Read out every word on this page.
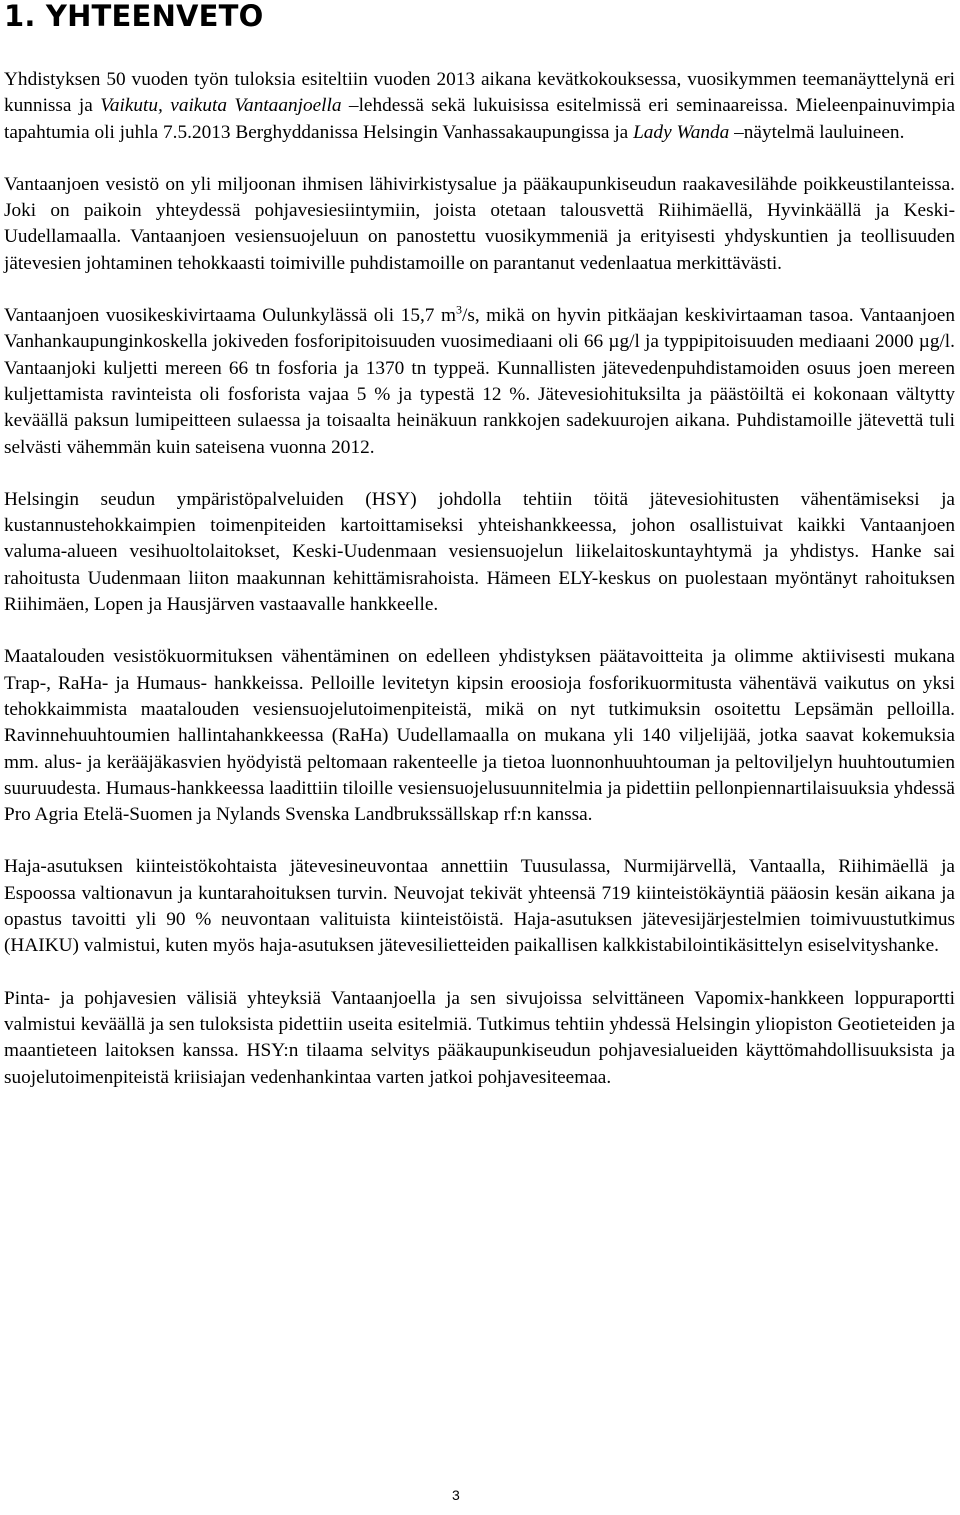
1. YHTEENVETO

Yhdistyksen 50 vuoden työn tuloksia esiteltiin vuoden 2013 aikana kevätkokouksessa, vuosikymmen teemanäyttelynä eri kunnissa ja Vaikutu, vaikuta Vantaanjoella –lehdessä sekä lukuisissa esitelmissä eri seminaareissa. Mieleenpainuvimpia tapahtumia oli juhla 7.5.2013 Berghyddanissa Helsingin Vanhassakaupungissa ja Lady Wanda –näytelmä lauluineen.

Vantaanjoen vesistö on yli miljoonan ihmisen lähivirkistysalue ja pääkaupunkiseudun raakavesilähde poikkeustilanteissa. Joki on paikoin yhteydessä pohjavesiesiintymiin, joista otetaan talousvettä Riihimäellä, Hyvinkäällä ja Keski-Uudellamaalla. Vantaanjoen vesiensuojeluun on panostettu vuosikymmeniä ja erityisesti yhdyskuntien ja teollisuuden jätevesien johtaminen tehokkaasti toimiville puhdistamoille on parantanut vedenlaatua merkittävästi.

Vantaanjoen vuosikeskivirtaama Oulunkylässä oli 15,7 $m^3/s$, mikä on hyvin pitkäajan keskivirtaaman tasoa. Vantaanjoen Vanhankaupunginkoskella jokiveden fosforipitoisuuden vuosimediaani oli 66 µg/l ja typpipitoisuuden mediaani 2000 µg/l. Vantaanjoki kuljetti mereen 66 tn fosforia ja 1370 tn typpeä. Kunnallisten jätevedenpuhdistamoiden osuus joen mereen kuljettamista ravinteista oli fosforista vajaa 5 % ja typestä 12 %. Jätevesiohituksilta ja päästöiltä ei kokonaan vältytty keväällä paksun lumipeitteen sulaessa ja toisaalta heinäkuun rankkojen sadekuurojen aikana. Puhdistamoille jätevettä tuli selvästi vähemmän kuin sateisena vuonna 2012.

Helsingin seudun ympäristöpalveluiden (HSY) johdolla tehtiin töitä jätevesiohitusten vähentämiseksi ja kustannustehokkaimpien toimenpiteiden kartoittamiseksi yhteishankkeessa, johon osallistuivat kaikki Vantaanjoen valuma-alueen vesihuoltolaitokset, Keski-Uudenmaan vesiensuojelun liikelaitoskuntayhtymä ja yhdistys. Hanke sai rahoitusta Uudenmaan liiton maakunnan kehittämisrahoista. Hämeen ELY-keskus on puolestaan myöntänyt rahoituksen Riihimäen, Lopen ja Hausjärven vastaavalle hankkeelle.

Maatalouden vesistökuormituksen vähentäminen on edelleen yhdistyksen päätavoitteita ja olimme aktiivisesti mukana Trap-, RaHa- ja Humaus- hankkeissa. Pelloille levitetyn kipsin eroosioja fosforikuormitusta vähentävä vaikutus on yksi tehokkaimmista maatalouden vesiensuojelutoimenpiteistä, mikä on nyt tutkimuksin osoitettu Lepsämän pelloilla. Ravinnehuuhtoumien hallintahankkeessa (RaHa) Uudellamaalla on mukana yli 140 viljelijää, jotka saavat kokemuksia mm. alus- ja kerääjäkasvien hyödyistä peltomaan rakenteelle ja tietoa luonnonhuuhtouman ja peltoviljelyn huuhtoutumien suuruudesta. Humaus-hankkeessa laadittiin tiloille vesiensuojelusuunnitelmia ja pidettiin pellonpiennartilaisuuksia yhdessä Pro Agria Etelä-Suomen ja Nylands Svenska Landbrukssällskap rf:n kanssa.

Haja-asutuksen kiinteistökohtaista jätevesineuvontaa annettiin Tuusulassa, Nurmijärvellä, Vantaalla, Riihimäellä ja Espoossa valtionavun ja kuntarahoituksen turvin. Neuvojat tekivät yhteensä 719 kiinteistökäyntiä pääosin kesän aikana ja opastus tavoitti yli 90 % neuvontaan valituista kiinteistöistä. Haja-asutuksen jätevesijärjestelmien toimivuustutkimus (HAIKU) valmistui, kuten myös haja-asutuksen jätevesilietteiden paikallisen kalkkistabilointikäsittelyn esiselvityshanke.

Pinta- ja pohjavesien välisiä yhteyksiä Vantaanjoella ja sen sivujoissa selvittäneen Vapomix-hankkeen loppuraportti valmistui keväällä ja sen tuloksista pidettiin useita esitelmiä. Tutkimus tehtiin yhdessä Helsingin yliopiston Geotieteiden ja maantieteen laitoksen kanssa. HSY:n tilaama selvitys pääkaupunkiseudun pohjavesialueiden käyttömahdollisuuksista ja suojelutoimenpiteistä kriisiajan vedenhankintaa varten jatkoi pohjavesiteemaa.

3
